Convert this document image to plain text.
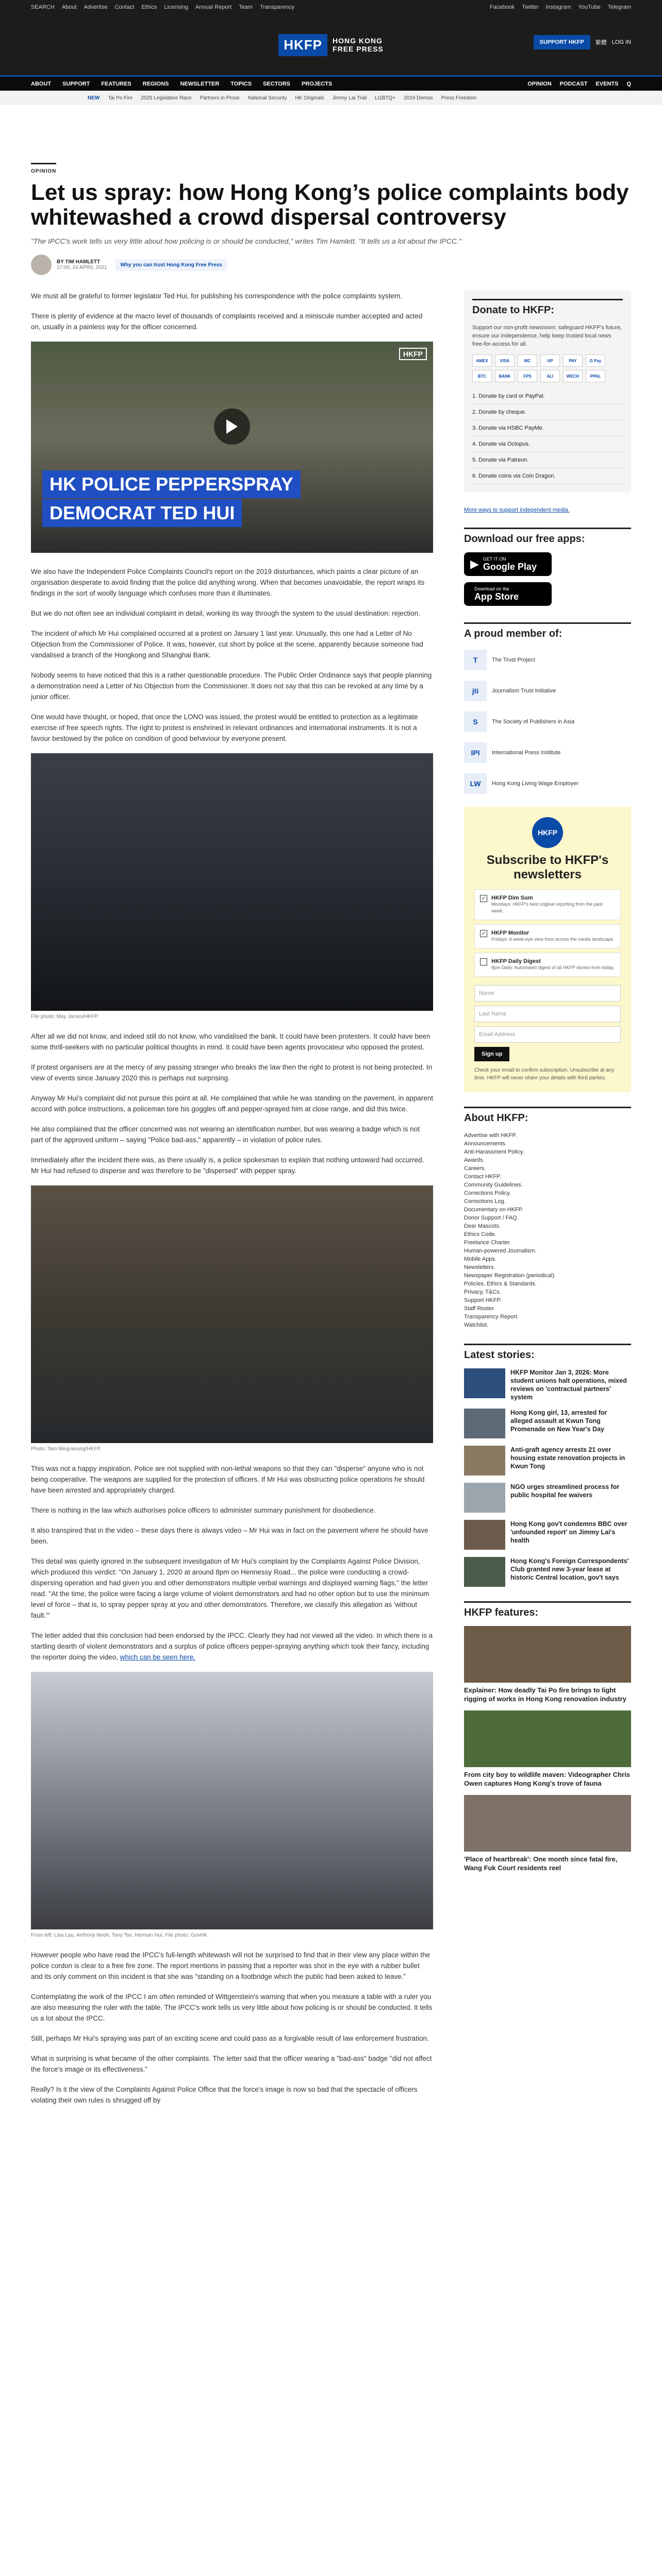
SEARCH About Advertise Contact Ethics Licensing Annual Report Team Transparency	Facebook Twitter Instagram YouTube Telegram
HKFP	HONG KONG
FREE PRESS
SUPPORT HKFP	繁體 LOG IN
ABOUT SUPPORT FEATURES REGIONS NEWSLETTER TOPICS SECTORS PROJECTS	OPINION PODCAST EVENTS Q
NEW Tai Po Fire 2025 Legislative Race Partners in Prose National Security HK Originals Jimmy Lai Trial LGBTQ+ 2019 Demos Press Freedom
OPINION
Let us spray: how Hong Kong’s police complaints body whitewashed a crowd dispersal controversy
"The IPCC's work tells us very little about how policing is or should be conducted," writes Tim Hamlett. "It tells us a lot about the IPCC."
BY TIM HAMLETT
17:00, 24 APRIL 2021	Why you can trust Hong Kong Free Press

We must all be grateful to former legislator Ted Hui, for publishing his correspondence with the police complaints system.

There is plenty of evidence at the macro level of thousands of complaints received and a miniscule number accepted and acted on, usually in a painless way for the officer concerned.

HK POLICE PEPPERSPRAY
DEMOCRAT TED HUI
HKFP

We also have the Independent Police Complaints Council's report on the 2019 disturbances, which paints a clear picture of an organisation desperate to avoid finding that the police did anything wrong. When that becomes unavoidable, the report wraps its findings in the sort of woolly language which confuses more than it illuminates.

But we do not often see an individual complaint in detail, working its way through the system to the usual destination: rejection.

The incident of which Mr Hui complained occurred at a protest on January 1 last year. Unusually, this one had a Letter of No Objection from the Commissioner of Police. It was, however, cut short by police at the scene, apparently because someone had vandalised a branch of the Hongkong and Shanghai Bank.

Nobody seems to have noticed that this is a rather questionable procedure. The Public Order Ordinance says that people planning a demonstration need a Letter of No Objection from the Commissioner. It does not say that this can be revoked at any time by a junior officer.

One would have thought, or hoped, that once the LONO was issued, the protest would be entitled to protection as a legitimate exercise of free speech rights. The right to protest is enshrined in relevant ordinances and international instruments. It is not a favour bestowed by the police on condition of good behaviour by everyone present.

File photo: May James/HKFP.

After all we did not know, and indeed still do not know, who vandalised the bank. It could have been protesters. It could have been some thrill-seekers with no particular political thoughts in mind. It could have been agents provocateur who opposed the protest.

If protest organisers are at the mercy of any passing stranger who breaks the law then the right to protest is not being protected. In view of events since January 2020 this is perhaps not surprising.

Anyway Mr Hui's complaint did not pursue this point at all. He complained that while he was standing on the pavement, in apparent accord with police instructions, a policeman tore his goggles off and pepper-sprayed him at close range, and did this twice.

He also complained that the officer concerned was not wearing an identification number, but was wearing a badge which is not part of the approved uniform – saying "Police bad-ass," apparently – in violation of police rules.

Immediately after the incident there was, as there usually is, a police spokesman to explain that nothing untoward had occurred. Mr Hui had refused to disperse and was therefore to be "dispersed" with pepper spray.

Photo: Tam Ming-keung/HKFP.

This was not a happy inspiration. Police are not supplied with non-lethal weapons so that they can "disperse" anyone who is not being cooperative. The weapons are supplied for the protection of officers. If Mr Hui was obstructing police operations he should have been arrested and appropriately charged.

There is nothing in the law which authorises police officers to administer summary punishment for disobedience.

It also transpired that in the video – these days there is always video – Mr Hui was in fact on the pavement where he should have been.

This detail was quietly ignored in the subsequent investigation of Mr Hui's complaint by the Complaints Against Police Division, which produced this verdict: "On January 1, 2020 at around 8pm on Hennessy Road... the police were conducting a crowd-dispersing operation and had given you and other demonstrators multiple verbal warnings and displayed warning flags," the letter read. "At the time, the police were facing a large volume of violent demonstrators and had no other option but to use the minimum level of force – that is, to spray pepper spray at you and other demonstrators. Therefore, we classify this allegation as 'without fault.'"

The letter added that this conclusion had been endorsed by the IPCC. Clearly they had not viewed all the video. In which there is a startling dearth of violent demonstrators and a surplus of police officers pepper-spraying anything which took their fancy, including the reporter doing the video, which can be seen here.

From left: Lisa Lau, Anthony Neoh, Tony Tse, Herman Hui. File photo: GovHK.

However people who have read the IPCC's full-length whitewash will not be surprised to find that in their view any place within the police cordon is clear to a free fire zone. The report mentions in passing that a reporter was shot in the eye with a rubber bullet and its only comment on this incident is that she was "standing on a footbridge which the public had been asked to leave."

Contemplating the work of the IPCC I am often reminded of Wittgenstein's warning that when you measure a table with a ruler you are also measuring the ruler with the table. The IPCC's work tells us very little about how policing is or should be conducted. It tells us a lot about the IPCC.

Still, perhaps Mr Hui's spraying was part of an exciting scene and could pass as a forgivable result of law enforcement frustration.

What is surprising is what became of the other complaints. The letter said that the officer wearing a "bad-ass" badge "did not affect the force's image or its effectiveness."

Really? Is it the view of the Complaints Against Police Office that the force's image is now so bad that the spectacle of officers violating their own rules is shrugged off by

Donate to HKFP:
Support our non-profit newsroom: safeguard HKFP's future, ensure our independence, help keep trusted local news free-for-access for all.
AMEX	VISA	MC	UP	PAY	G Pay
BTC	BANK	FPS	ALI	WECH	PPAL
1. Donate by card or PayPal.
2. Donate by cheque.
3. Donate via HSBC PayMe.
4. Donate via Octopus.
5. Donate via Patreon.
6. Donate coins via Coin Dragon.
More ways to support independent media.
Download our free apps:
▶ GET IT ON
Google Play
Download on the
App Store
A proud member of:
T	The Trust Project
jti	Journalism Trust Initiative
S	The Society of Publishers in Asia
IPI	International Press Institute
LW	Hong Kong Living Wage Employer
HKFP
Subscribe to HKFP's newsletters
✓ HKFP Dim Sum
Mondays: HKFP's best original reporting from the past week.
✓ HKFP Monitor
Fridays: A week-eye view from across the media landscape.
HKFP Daily Digest
8pm Daily: Automated digest of all HKFP stories from today.
Name
Last Name
Email Address
Sign up
Check your email to confirm subscription. Unsubscribe at any time. HKFP will never share your details with third parties.
About HKFP:
Advertise with HKFP.
Announcements.
Anti-Harassment Policy.
Awards.
Careers.
Contact HKFP.
Community Guidelines.
Corrections Policy.
Corrections Log.
Documentary on HKFP.
Donor Support / FAQ.
Dear Mascots.
Ethics Code.
Freelance Charter.
Human-powered Journalism.
Mobile Apps.
Newsletters.
Newspaper Registration (periodical).
Policies, Ethics & Standards.
Privacy, T&Cs.
Support HKFP.
Staff Roster.
Transparency Report.
Watchlist.
Latest stories:
HKFP Monitor Jan 3, 2026: More student unions halt operations, mixed reviews on 'contractual partners' system
Hong Kong girl, 13, arrested for alleged assault at Kwun Tong Promenade on New Year's Day
Anti-graft agency arrests 21 over housing estate renovation projects in Kwun Tong
NGO urges streamlined process for public hospital fee waivers
Hong Kong gov't condemns BBC over 'unfounded report' on Jimmy Lai's health
Hong Kong's Foreign Correspondents' Club granted new 3-year lease at historic Central location, gov't says
HKFP features:
Explainer: How deadly Tai Po fire brings to light rigging of works in Hong Kong renovation industry
From city boy to wildlife maven: Videographer Chris Owen captures Hong Kong's trove of fauna
'Place of heartbreak': One month since fatal fire, Wang Fuk Court residents reel
